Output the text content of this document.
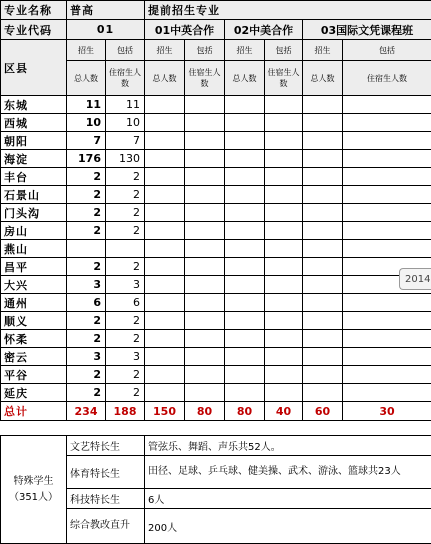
专业名称	普高		提前招生专业					
专业代码	01		01中英合作		02中美合作		03国际文凭课程班	
区县	招生	包括	招生	包括	招生	包括	招生	包括
	总人数	住宿生人数	总人数	住宿生人数	总人数	住宿生人数	总人数	住宿生人数
东城	11	11						
西城	10	10						
朝阳	7	7						
海淀	176	130						
丰台	2	2						
石景山	2	2						
门头沟	2	2						
房山	2	2						
燕山								
昌平	2	2						
大兴	3	3						
通州	6	6						
顺义	2	2						
怀柔	2	2						
密云	3	3						
平谷	2	2						
延庆	2	2						
总计	234	188	150	80	80	40	60	30
特殊学生（351人）	文艺特长生	管弦乐、舞蹈、声乐共52人。
	体育特长生	田径、足球、乒乓球、健美操、武术、游泳、篮球共23人
	科技特长生	6人
	综合教改直升	200人
2014
